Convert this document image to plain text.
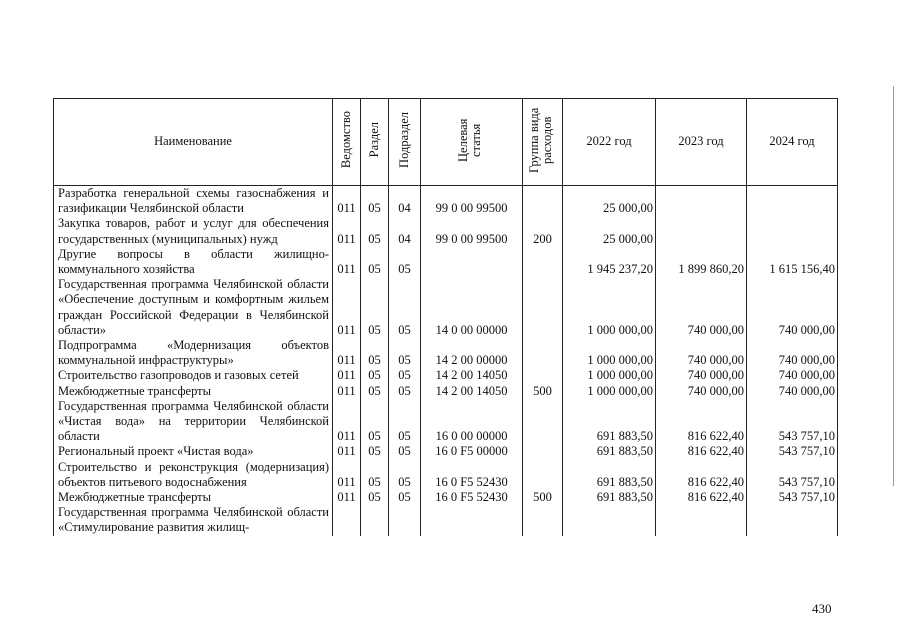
Наименование	Ведомство	Раздел	Подраздел	Целевая статья	Группа вида расходов	2022 год	2023 год	2024 год
Разработка генеральной схемы газоснабжения и газификации Челябинской области	011	05	04	99 0 00 99500		25 000,00		
Закупка товаров, работ и услуг для обеспечения государственных (муниципальных) нужд	011	05	04	99 0 00 99500	200	25 000,00		
Другие вопросы в области жилищно-коммунального хозяйства	011	05	05			1 945 237,20	1 899 860,20	1 615 156,40
Государственная программа Челябинской области «Обеспечение доступным и комфортным жильем граждан Российской Федерации в Челябинской области»	011	05	05	14 0 00 00000		1 000 000,00	740 000,00	740 000,00
Подпрограмма «Модернизация объектов коммунальной инфраструктуры»	011	05	05	14 2 00 00000		1 000 000,00	740 000,00	740 000,00
Строительство газопроводов и газовых сетей	011	05	05	14 2 00 14050		1 000 000,00	740 000,00	740 000,00
Межбюджетные трансферты	011	05	05	14 2 00 14050	500	1 000 000,00	740 000,00	740 000,00
Государственная программа Челябинской области «Чистая вода» на территории Челябинской области	011	05	05	16 0 00 00000		691 883,50	816 622,40	543 757,10
Региональный проект «Чистая вода»	011	05	05	16 0 F5 00000		691 883,50	816 622,40	543 757,10
Строительство и реконструкция (модернизация) объектов питьевого водоснабжения	011	05	05	16 0 F5 52430		691 883,50	816 622,40	543 757,10
Межбюджетные трансферты	011	05	05	16 0 F5 52430	500	691 883,50	816 622,40	543 757,10
Государственная программа Челябинской области «Стимулирование развития жилищ-								
430
